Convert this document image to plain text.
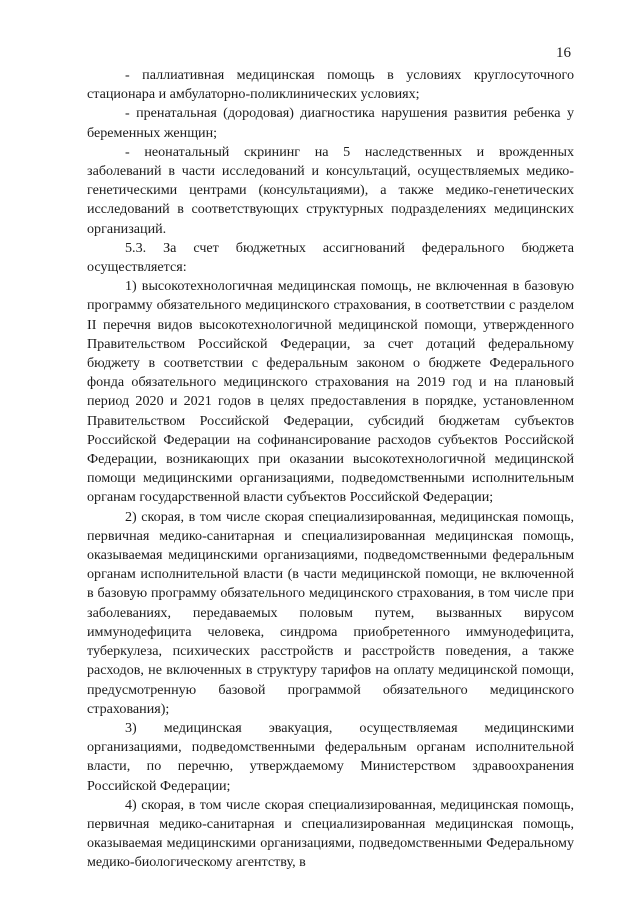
16

- паллиативная медицинская помощь в условиях круглосуточного стационара и амбулаторно-поликлинических условиях;

- пренатальная (дородовая) диагностика нарушения развития ребенка у беременных женщин;

- неонатальный скрининг на 5 наследственных и врожденных заболеваний в части исследований и консультаций, осуществляемых медико-генетическими центрами (консультациями), а также медико-генетических исследований в соответствующих структурных подразделениях медицинских организаций.

5.3. За счет бюджетных ассигнований федерального бюджета осуществляется:

1) высокотехнологичная медицинская помощь, не включенная в базовую программу обязательного медицинского страхования, в соответствии с разделом II перечня видов высокотехнологичной медицинской помощи, утвержденного Правительством Российской Федерации, за счет дотаций федеральному бюджету в соответствии с федеральным законом о бюджете Федерального фонда обязательного медицинского страхования на 2019 год и на плановый период 2020 и 2021 годов в целях предоставления в порядке, установленном Правительством Российской Федерации, субсидий бюджетам субъектов Российской Федерации на софинансирование расходов субъектов Российской Федерации, возникающих при оказании высокотехнологичной медицинской помощи медицинскими организациями, подведомственными исполнительным органам государственной власти субъектов Российской Федерации;

2) скорая, в том числе скорая специализированная, медицинская помощь, первичная медико-санитарная и специализированная медицинская помощь, оказываемая медицинскими организациями, подведомственными федеральным органам исполнительной власти (в части медицинской помощи, не включенной в базовую программу обязательного медицинского страхования, в том числе при заболеваниях, передаваемых половым путем, вызванных вирусом иммунодефицита человека, синдрома приобретенного иммунодефицита, туберкулеза, психических расстройств и расстройств поведения, а также расходов, не включенных в структуру тарифов на оплату медицинской помощи, предусмотренную базовой программой обязательного медицинского страхования);

3) медицинская эвакуация, осуществляемая медицинскими организациями, подведомственными федеральным органам исполнительной власти, по перечню, утверждаемому Министерством здравоохранения Российской Федерации;

4) скорая, в том числе скорая специализированная, медицинская помощь, первичная медико-санитарная и специализированная медицинская помощь, оказываемая медицинскими организациями, подведомственными Федеральному медико-биологическому агентству, в
